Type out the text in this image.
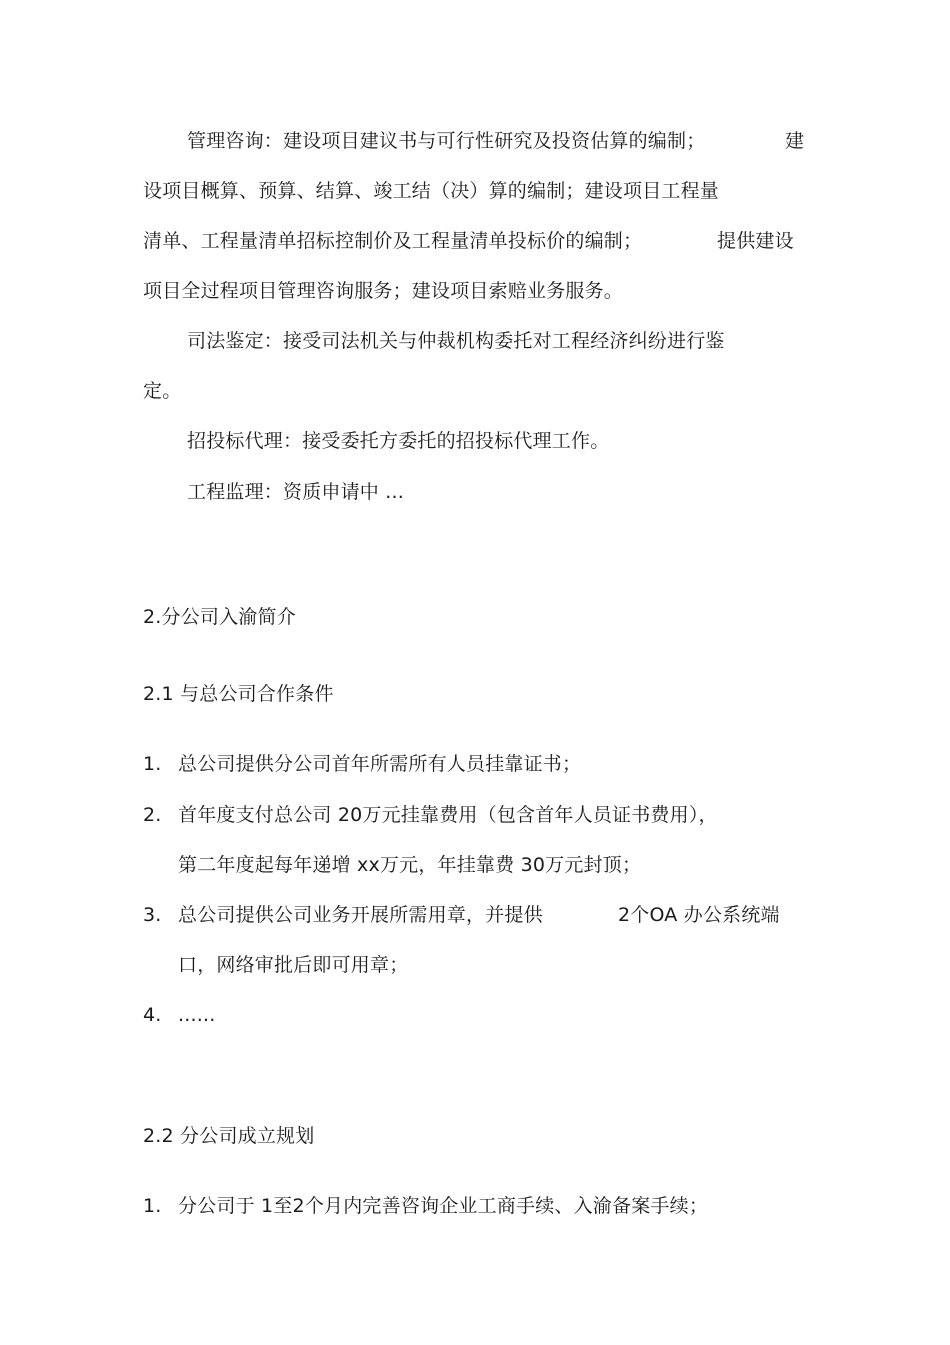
管理咨询：建设项目建议书与可行性研究及投资估算的编制；	建
设项目概算、预算、结算、竣工结（决）算的编制；建设项目工程量
清单、工程量清单招标控制价及工程量清单投标价的编制；	提供建设
项目全过程项目管理咨询服务；建设项目索赔业务服务。
司法鉴定：接受司法机关与仲裁机构委托对工程经济纠纷进行鉴
定。
招投标代理：接受委托方委托的招投标代理工作。
工程监理：资质申请中 ...
2.分公司入渝简介
2.1 与总公司合作条件
1. 总公司提供分公司首年所需所有人员挂靠证书；
2. 首年度支付总公司 20万元挂靠费用（包含首年人员证书费用），
第二年度起每年递增 xx万元，年挂靠费 30万元封顶；
3. 总公司提供公司业务开展所需用章，并提供	2个OA 办公系统端
口，网络审批后即可用章；
4. ......
2.2 分公司成立规划
1. 分公司于 1至2个月内完善咨询企业工商手续、入渝备案手续；
